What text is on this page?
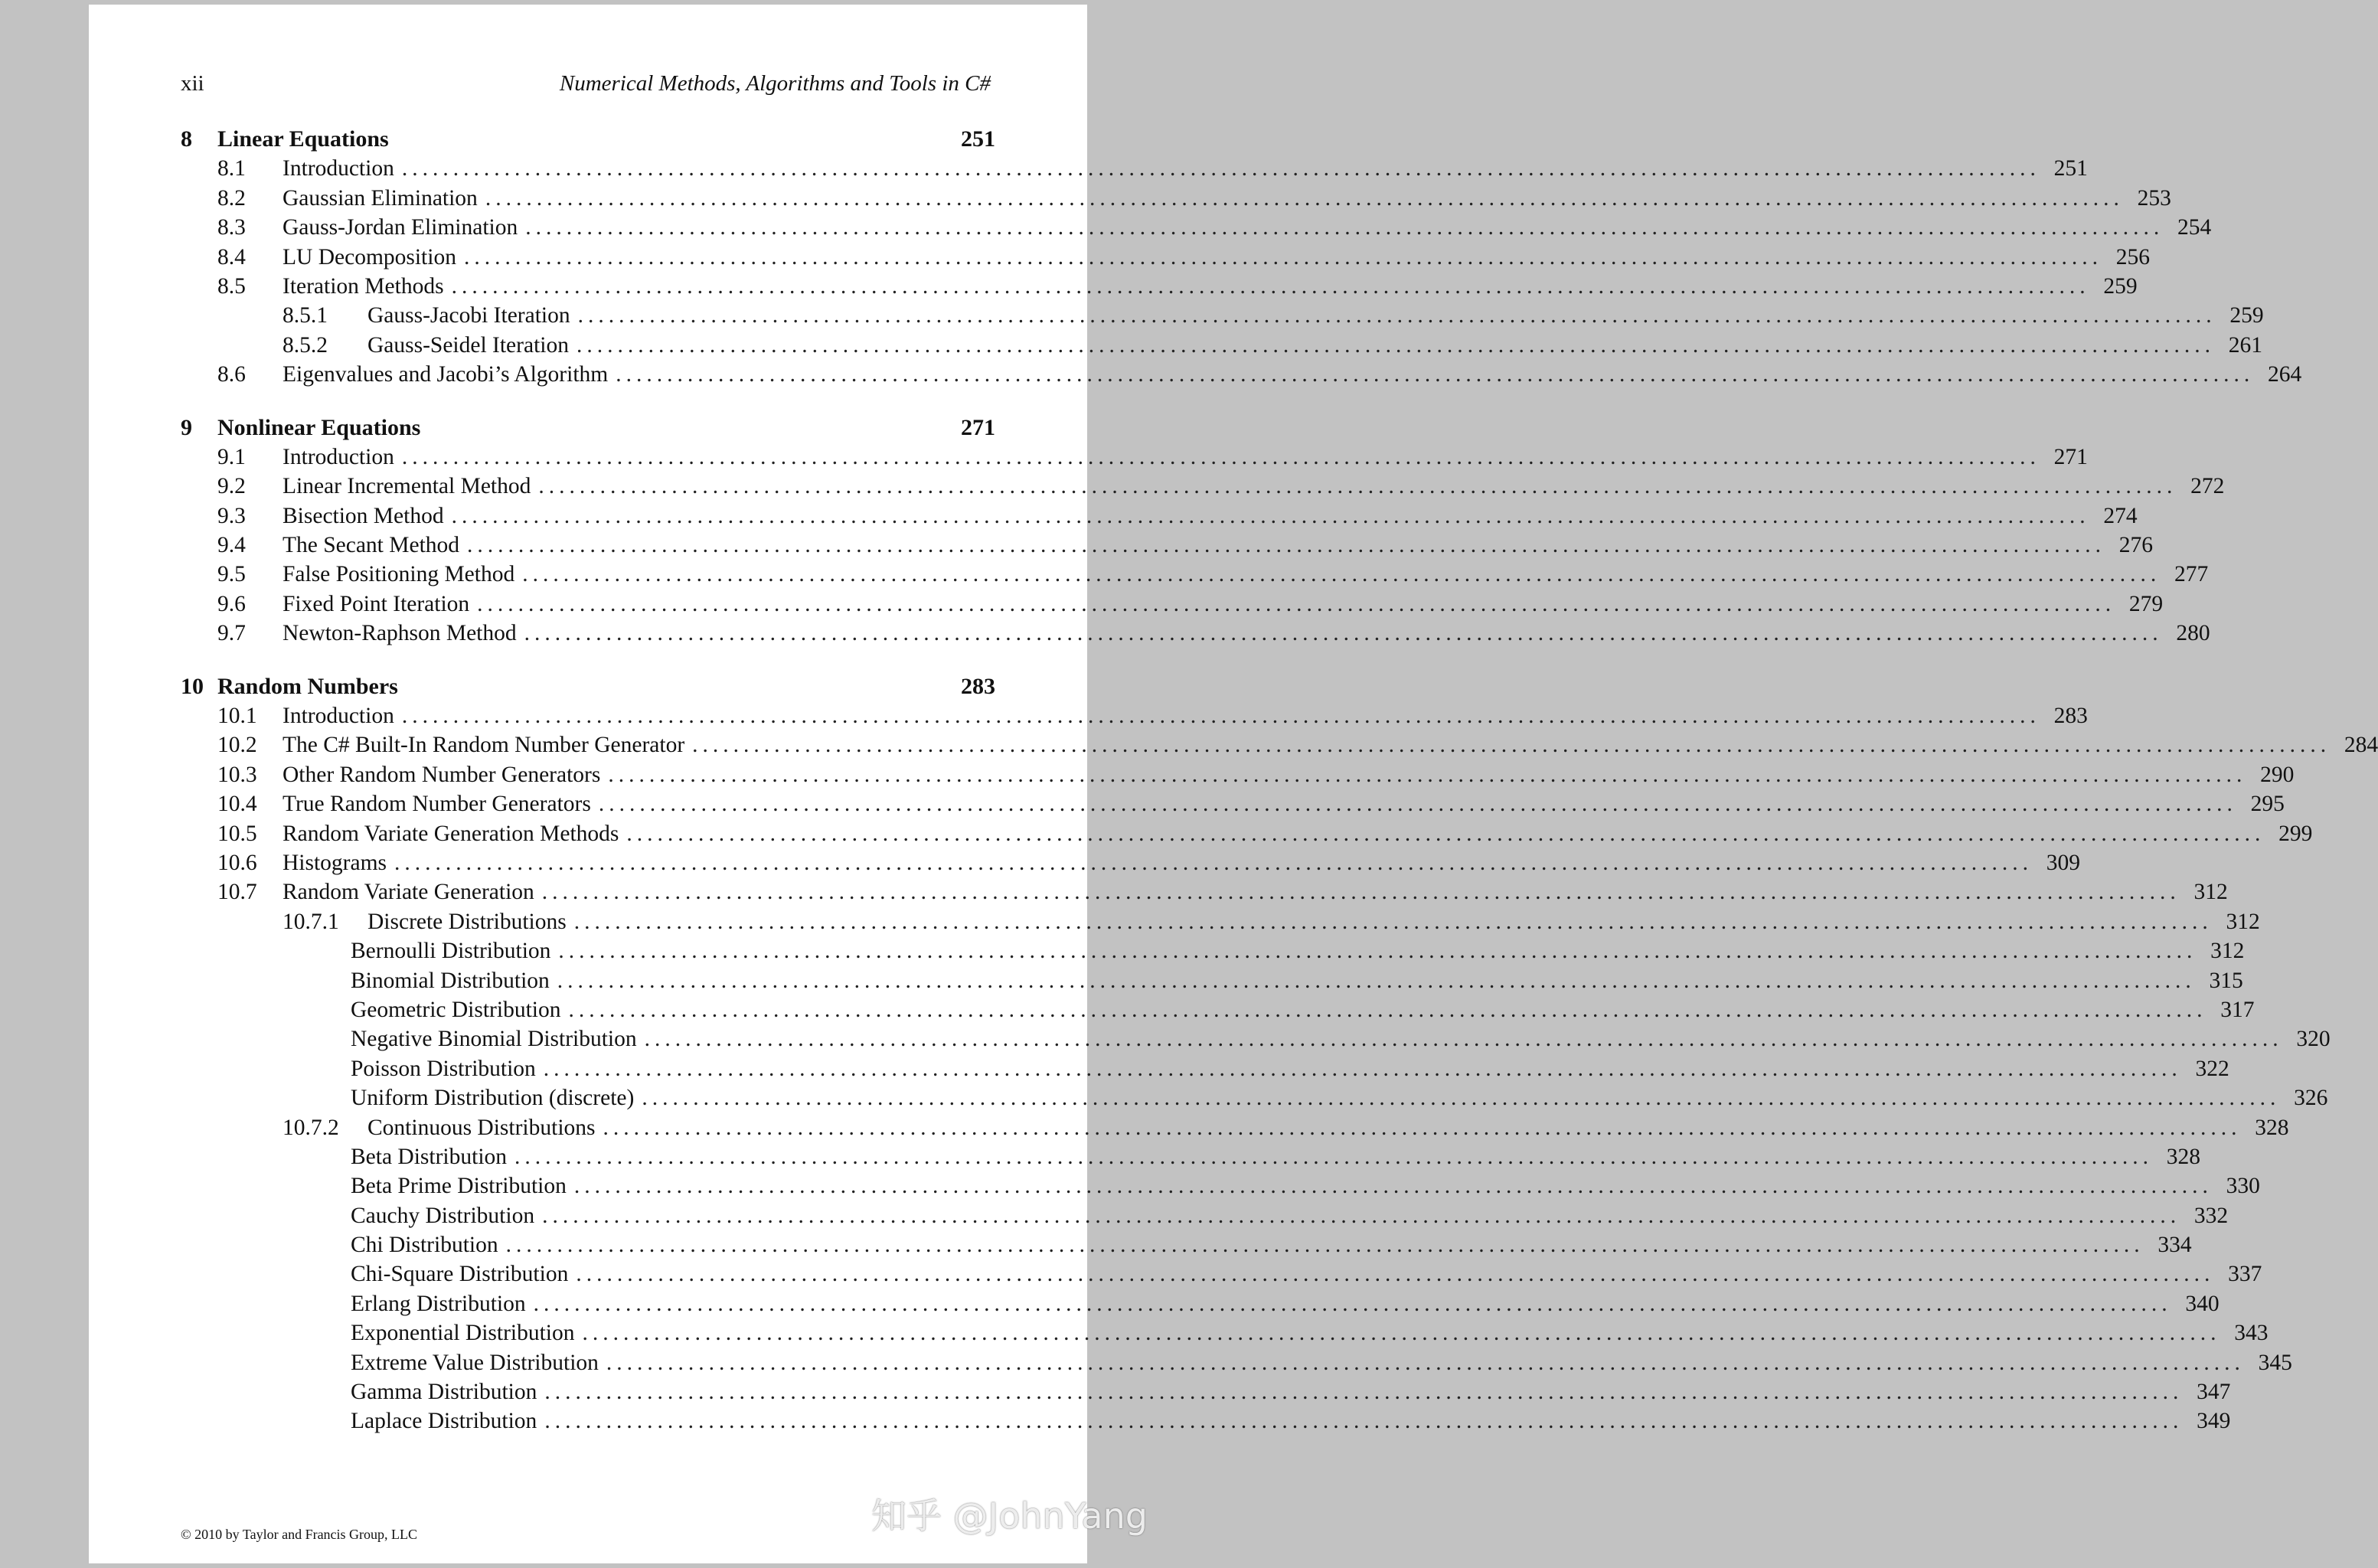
xii	Numerical Methods, Algorithms and Tools in C#
8	Linear Equations	251
8.1	Introduction ................................................................................................................................................................ 251
8.2	Gaussian Elimination ................................................................................................................................................................ 253
8.3	Gauss-Jordan Elimination ................................................................................................................................................................ 254
8.4	LU Decomposition ................................................................................................................................................................ 256
8.5	Iteration Methods ................................................................................................................................................................ 259
8.5.1	Gauss-Jacobi Iteration ................................................................................................................................................................ 259
8.5.2	Gauss-Seidel Iteration ................................................................................................................................................................ 261
8.6	Eigenvalues and Jacobi’s Algorithm ................................................................................................................................................................ 264
9	Nonlinear Equations	271
9.1	Introduction ................................................................................................................................................................ 271
9.2	Linear Incremental Method ................................................................................................................................................................ 272
9.3	Bisection Method ................................................................................................................................................................ 274
9.4	The Secant Method ................................................................................................................................................................ 276
9.5	False Positioning Method ................................................................................................................................................................ 277
9.6	Fixed Point Iteration ................................................................................................................................................................ 279
9.7	Newton-Raphson Method ................................................................................................................................................................ 280
10 Random Numbers	283
10.1	Introduction ................................................................................................................................................................ 283
10.2	The C# Built-In Random Number Generator ................................................................................................................................................................ 284
10.3	Other Random Number Generators ................................................................................................................................................................ 290
10.4	True Random Number Generators ................................................................................................................................................................ 295
10.5	Random Variate Generation Methods ................................................................................................................................................................ 299
10.6	Histograms ................................................................................................................................................................ 309
10.7	Random Variate Generation ................................................................................................................................................................ 312
10.7.1	Discrete Distributions ................................................................................................................................................................ 312
Bernoulli Distribution ................................................................................................................................................................ 312
Binomial Distribution ................................................................................................................................................................ 315
Geometric Distribution ................................................................................................................................................................ 317
Negative Binomial Distribution ................................................................................................................................................................ 320
Poisson Distribution ................................................................................................................................................................ 322
Uniform Distribution (discrete) ................................................................................................................................................................ 326
10.7.2	Continuous Distributions ................................................................................................................................................................ 328
Beta Distribution ................................................................................................................................................................ 328
Beta Prime Distribution ................................................................................................................................................................ 330
Cauchy Distribution ................................................................................................................................................................ 332
Chi Distribution ................................................................................................................................................................ 334
Chi-Square Distribution ................................................................................................................................................................ 337
Erlang Distribution ................................................................................................................................................................ 340
Exponential Distribution ................................................................................................................................................................ 343
Extreme Value Distribution ................................................................................................................................................................ 345
Gamma Distribution ................................................................................................................................................................ 347
Laplace Distribution ................................................................................................................................................................ 349
© 2010 by Taylor and Francis Group, LLC	知乎 @JohnYang
